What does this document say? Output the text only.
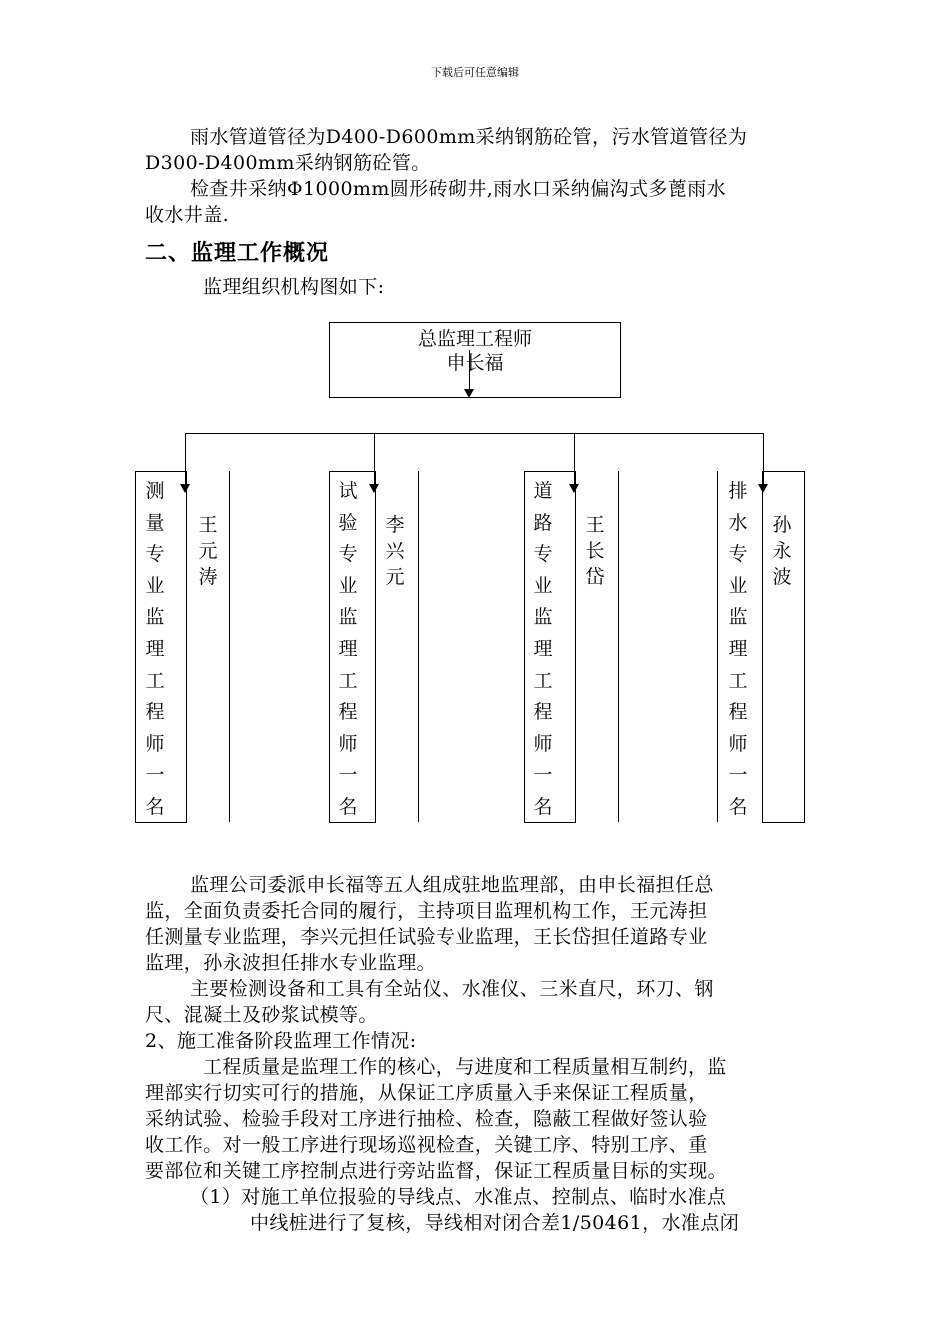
下载后可任意编辑
雨水管道管径为D400-D600mm采纳钢筋砼管，污水管道管径为
D300-D400mm采纳钢筋砼管。
检查井采纳Φ1000mm圆形砖砌井,雨水口采纳偏沟式多蓖雨水
收水井盖.
二、监理工作概况
监理组织机构图如下:
总监理工程师
申长福
测量专业监理工程师一名
王元涛
试验专业监理工程师一名
李兴元
道路专业监理工程师一名
王长岱
排水专业监理工程师一名
孙永波
监理公司委派申长福等五人组成驻地监理部，由申长福担任总
监，全面负责委托合同的履行，主持项目监理机构工作，王元涛担
任测量专业监理，李兴元担任试验专业监理，王长岱担任道路专业
监理，孙永波担任排水专业监理。
主要检测设备和工具有全站仪、水准仪、三米直尺，环刀、钢
尺、混凝土及砂浆试模等。
2、施工准备阶段监理工作情况:
工程质量是监理工作的核心，与进度和工程质量相互制约，监
理部实行切实可行的措施，从保证工序质量入手来保证工程质量，
采纳试验、检验手段对工序进行抽检、检查，隐蔽工程做好签认验
收工作。对一般工序进行现场巡视检查，关键工序、特别工序、重
要部位和关键工序控制点进行旁站监督，保证工程质量目标的实现。
（1）对施工单位报验的导线点、水准点、控制点、临时水准点
中线桩进行了复核，导线相对闭合差1/50461，水准点闭
